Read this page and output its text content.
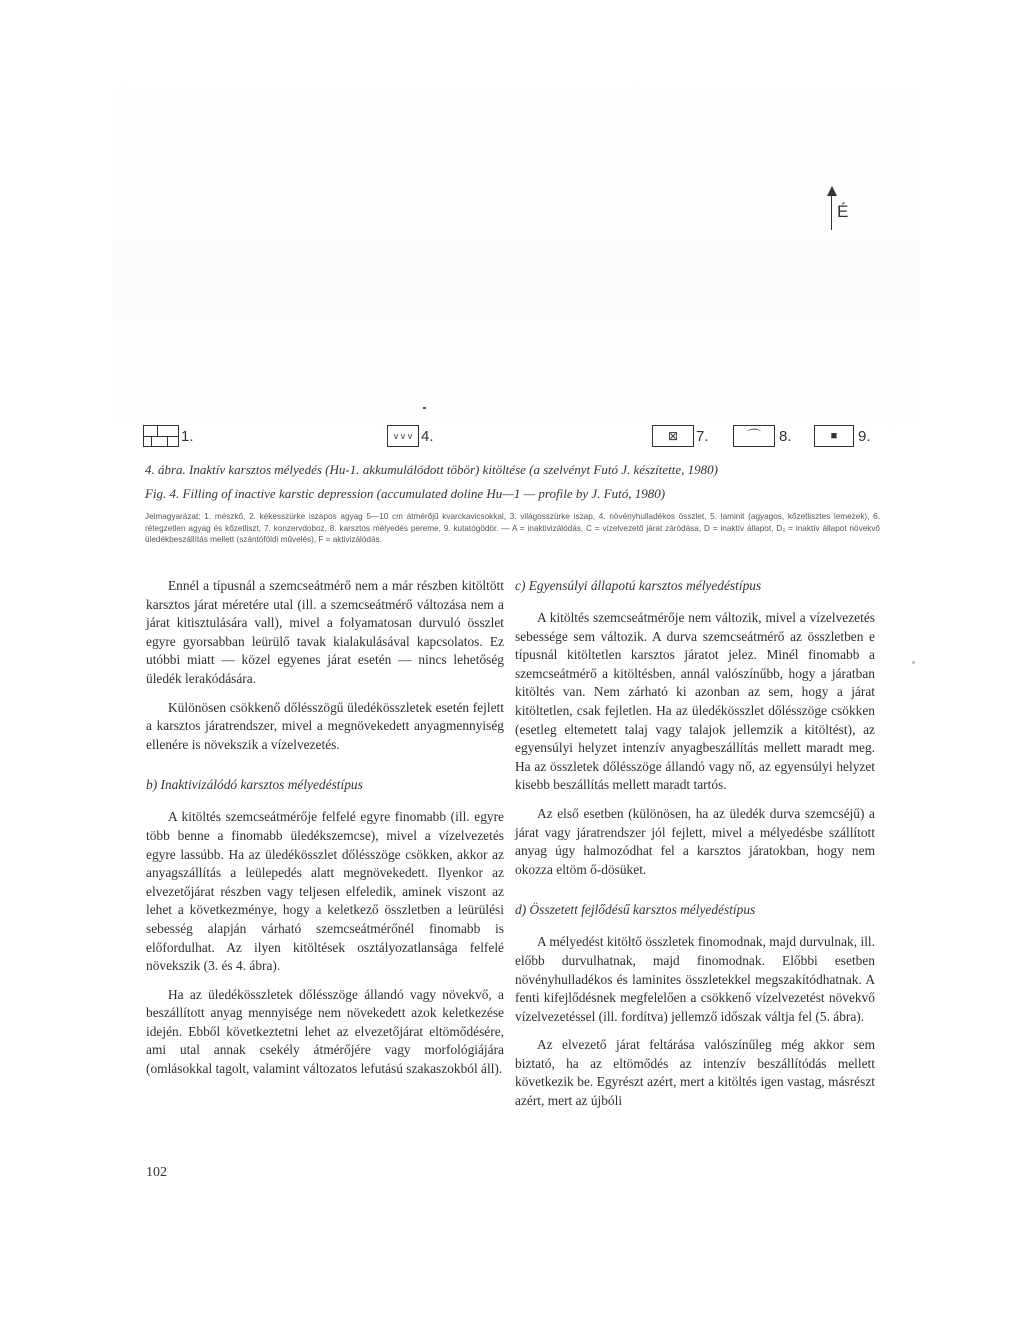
É
1.	v v v 4.	⊠	7.	⌒	8.	■	9.
4. ábra. Inaktív karsztos mélyedés (Hu-1. akkumulálódott töbör) kitöltése (a szelvényt Futó J. készítette, 1980)
Fig. 4. Filling of inactive karstic depression (accumulated doline Hu—1 — profile by J. Futó, 1980)
Jelmagyarázat: 1. mészkő, 2. kékesszürke iszapos agyag 5—10 cm átmérőjű kvarckavicsokkal, 3. világosszürke iszap, 4. növényhulladékos összlet, 5. laminit (agyagos, kőzetlisztes lemezek), 6. rétegzetlen agyag és kőzetliszt, 7. konzervdoboz, 8. karsztos mélyedés pereme, 9. kutatógödör. — A = inaktivizálódás, C = vízelvezető járat záródása, D = inaktív állapot, D₂ = inaktív állapot növekvő üledékbeszállítás mellett (szántóföldi művelés), F = aktivizálódás.

Ennél a típusnál a szemcseátmérő nem a már részben kitöltött karsztos járat méretére utal (ill. a szemcseátmérő változása nem a járat kitisztulására vall), mivel a folyamatosan durvuló összlet egyre gyorsabban leürülő tavak kialakulásával kapcsolatos. Ez utóbbi miatt — közel egyenes járat esetén — nincs lehetőség üledék lerakódására.

Különösen csökkenő dőlésszögű üledékösszletek esetén fejlett a karsztos járatrendszer, mivel a megnövekedett anyagmennyiség ellenére is növekszik a vízelvezetés.

b) Inaktivizálódó karsztos mélyedéstípus

A kitöltés szemcseátmérője felfelé egyre finomabb (ill. egyre több benne a finomabb üledékszemcse), mivel a vízelvezetés egyre lassúbb. Ha az üledékösszlet dőlésszöge csökken, akkor az anyagszállítás a leülepedés alatt megnövekedett. Ilyenkor az elvezetőjárat részben vagy teljesen elfeledik, aminek viszont az lehet a következménye, hogy a keletkező összletben a leürülési sebesség alapján várható szemcseátmérőnél finomabb is előfordulhat. Az ilyen kitöltések osztályozatlansága felfelé növekszik (3. és 4. ábra).

Ha az üledékösszletek dőlésszöge állandó vagy növekvő, a beszállított anyag mennyisége nem növekedett azok keletkezése idején. Ebből következtetni lehet az elvezetőjárat eltömődésére, ami utal annak csekély átmérőjére vagy morfológiájára (omlásokkal tagolt, valamint változatos lefutású szakaszokból áll).

c) Egyensúlyi állapotú karsztos mélyedéstípus

A kitöltés szemcseátmérője nem változik, mivel a vízelvezetés sebessége sem változik. A durva szemcseátmérő az összletben e típusnál kitöltetlen karsztos járatot jelez. Minél finomabb a szemcseátmérő a kitöltésben, annál valószínűbb, hogy a járatban kitöltés van. Nem zárható ki azonban az sem, hogy a járat kitöltetlen, csak fejletlen. Ha az üledékösszlet dőlésszöge csökken (esetleg eltemetett talaj vagy talajok jellemzik a kitöltést), az egyensúlyi helyzet intenzív anyagbeszállítás mellett maradt meg. Ha az összletek dőlésszöge állandó vagy nő, az egyensúlyi helyzet kisebb beszállítás mellett maradt tartós.

Az első esetben (különösen, ha az üledék durva szemcséjű) a járat vagy járatrendszer jól fejlett, mivel a mélyedésbe szállított anyag úgy halmozódhat fel a karsztos járatokban, hogy nem okozza eltöm ő-dösüket.

d) Összetett fejlődésű karsztos mélyedéstípus

A mélyedést kitöltő összletek finomodnak, majd durvulnak, ill. előbb durvulhatnak, majd finomodnak. Előbbi esetben növényhulladékos és laminites összletekkel megszakítódhatnak. A fenti kifejlődésnek megfelelően a csökkenő vízelvezetést növekvő vízelvezetéssel (ill. fordítva) jellemző időszak váltja fel (5. ábra).

Az elvezető járat feltárása valószínűleg még akkor sem biztató, ha az eltömődés az intenzív beszállítódás mellett következik be. Egyrészt azért, mert a kitöltés igen vastag, másrészt azért, mert az újbóli

102
